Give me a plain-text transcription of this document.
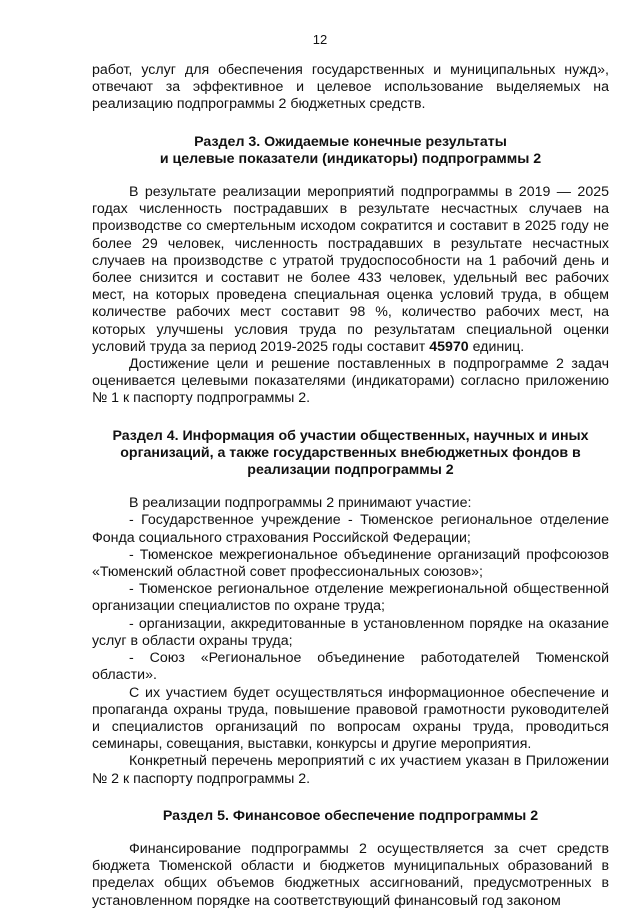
12

работ, услуг для обеспечения государственных и муниципальных нужд», отвечают за эффективное и целевое использование выделяемых на реализацию подпрограммы 2 бюджетных средств.

Раздел 3. Ожидаемые конечные результаты
и целевые показатели (индикаторы) подпрограммы 2

В результате реализации мероприятий подпрограммы в 2019 — 2025 годах численность пострадавших в результате несчастных случаев на производстве со смертельным исходом сократится и составит в 2025 году не более 29 человек, численность пострадавших в результате несчастных случаев на производстве с утратой трудоспособности на 1 рабочий день и более снизится и составит не более 433 человек, удельный вес рабочих мест, на которых проведена специальная оценка условий труда, в общем количестве рабочих мест составит 98 %, количество рабочих мест, на которых улучшены условия труда по результатам специальной оценки условий труда за период 2019-2025 годы составит 45970 единиц.

Достижение цели и решение поставленных в подпрограмме 2 задач оценивается целевыми показателями (индикаторами) согласно приложению № 1 к паспорту подпрограммы 2.

Раздел 4. Информация об участии общественных, научных и иных
организаций, а также государственных внебюджетных фондов в
реализации подпрограммы 2

В реализации подпрограммы 2 принимают участие:

- Государственное учреждение - Тюменское региональное отделение Фонда социального страхования Российской Федерации;

- Тюменское межрегиональное объединение организаций профсоюзов «Тюменский областной совет профессиональных союзов»;

- Тюменское региональное отделение межрегиональной общественной организации специалистов по охране труда;

- организации, аккредитованные в установленном порядке на оказание услуг в области охраны труда;

- Союз «Региональное объединение работодателей Тюменской области».

С их участием будет осуществляться информационное обеспечение и пропаганда охраны труда, повышение правовой грамотности руководителей и специалистов организаций по вопросам охраны труда, проводиться семинары, совещания, выставки, конкурсы и другие мероприятия.

Конкретный перечень мероприятий с их участием указан в Приложении № 2 к паспорту подпрограммы 2.

Раздел 5. Финансовое обеспечение подпрограммы 2

Финансирование подпрограммы 2 осуществляется за счет средств бюджета Тюменской области и бюджетов муниципальных образований в пределах общих объемов бюджетных ассигнований, предусмотренных в установленном порядке на соответствующий финансовый год законом
